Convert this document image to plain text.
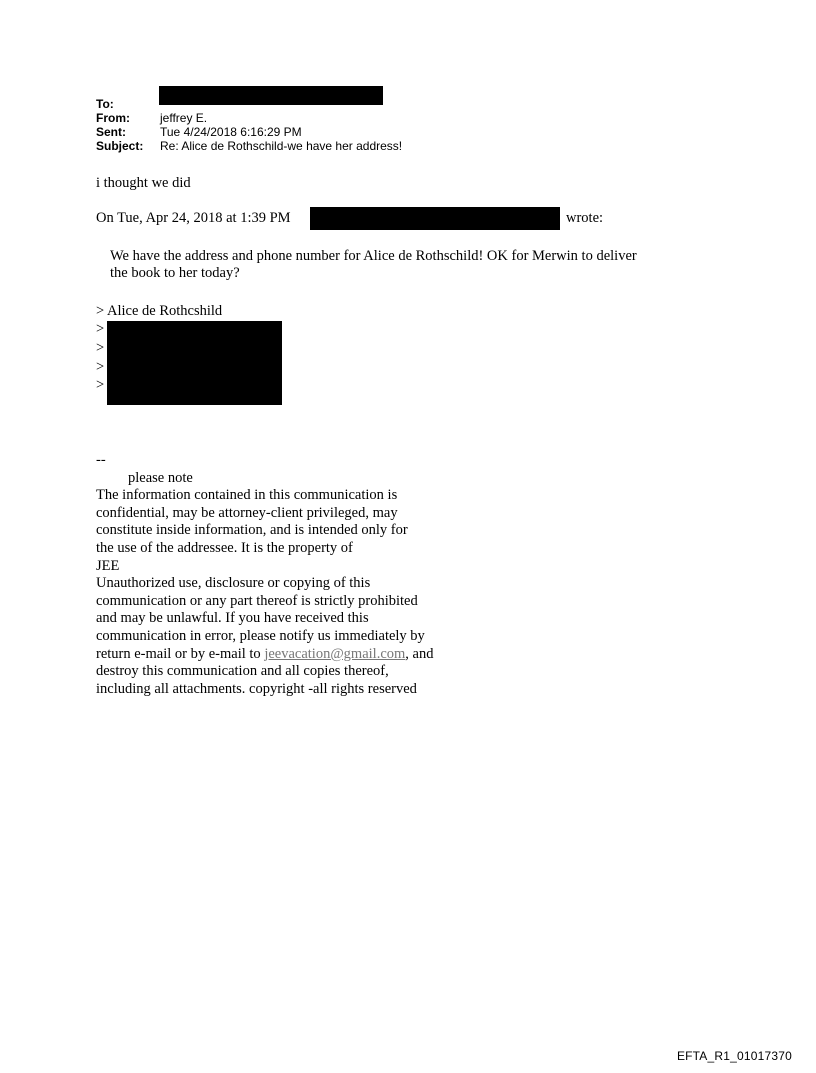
To:
From:	jeffrey E.
Sent:	Tue 4/24/2018 6:16:29 PM
Subject:	Re: Alice de Rothschild-we have her address!
i thought we did
On Tue, Apr 24, 2018 at 1:39 PM	wrote:
We have the address and phone number for Alice de Rothschild! OK for Merwin to deliver
the book to her today?
> Alice de Rothcshild
>
>
>
>
--
please note
The information contained in this communication is
confidential, may be attorney-client privileged, may
constitute inside information, and is intended only for
the use of the addressee. It is the property of
JEE
Unauthorized use, disclosure or copying of this
communication or any part thereof is strictly prohibited
and may be unlawful. If you have received this
communication in error, please notify us immediately by
return e-mail or by e-mail to jeevacation@gmail.com, and
destroy this communication and all copies thereof,
including all attachments. copyright -all rights reserved
EFTA_R1_01017370
